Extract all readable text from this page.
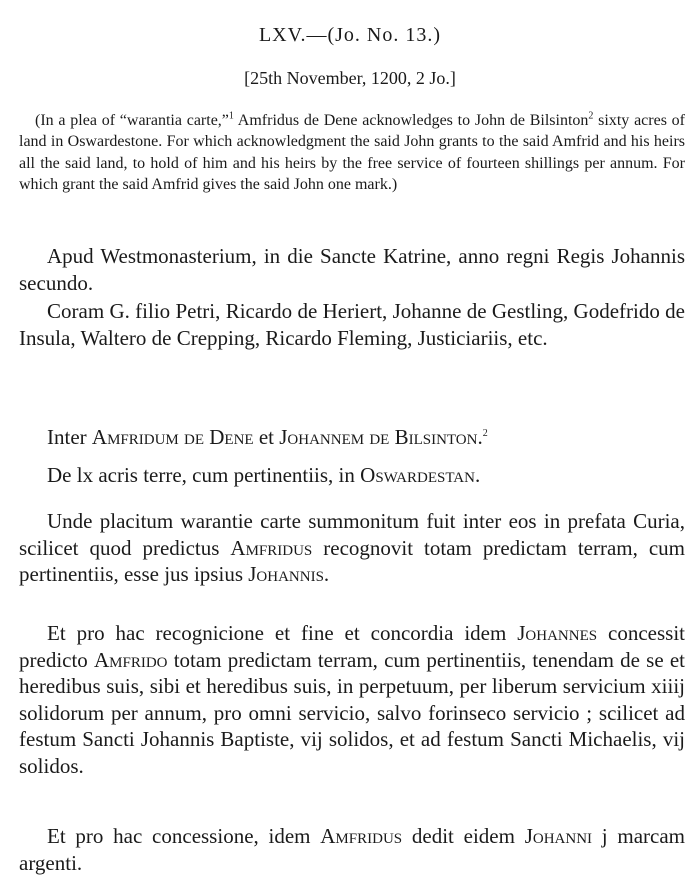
LXV.—(Jo. No. 13.)
[25th November, 1200, 2 Jo.]

(In a plea of “warantia carte,”$^1$ Amfridus de Dene acknowledges to John de Bilsinton$^2$ sixty acres of land in Oswardestone. For which acknowledgment the said John grants to the said Amfrid and his heirs all the said land, to hold of him and his heirs by the free service of fourteen shillings per annum. For which grant the said Amfrid gives the said John one mark.)

Apud Westmonasterium, in die Sancte Katrine, anno regni Regis Johannis secundo.

Coram G. filio Petri, Ricardo de Heriert, Johanne de Gestling, Godefrido de Insula, Waltero de Crepping, Ricardo Fleming, Justiciariis, etc.

Inter Amfridum de Dene et Johannem de Bilsinton.$^2$

De lx acris terre, cum pertinentiis, in Oswardestan.

Unde placitum warantie carte summonitum fuit inter eos in prefata Curia, scilicet quod predictus Amfridus recognovit totam predictam terram, cum pertinentiis, esse jus ipsius Johannis.

Et pro hac recognicione et fine et concordia idem Johannes concessit predicto Amfrido totam predictam terram, cum pertinentiis, tenendam de se et heredibus suis, sibi et heredibus suis, in perpetuum, per liberum servicium xiiij solidorum per annum, pro omni servicio, salvo forinseco servicio ; scilicet ad festum Sancti Johannis Baptiste, vij solidos, et ad festum Sancti Michaelis, vij solidos.

Et pro hac concessione, idem Amfridus dedit eidem Johanni j marcam argenti.
